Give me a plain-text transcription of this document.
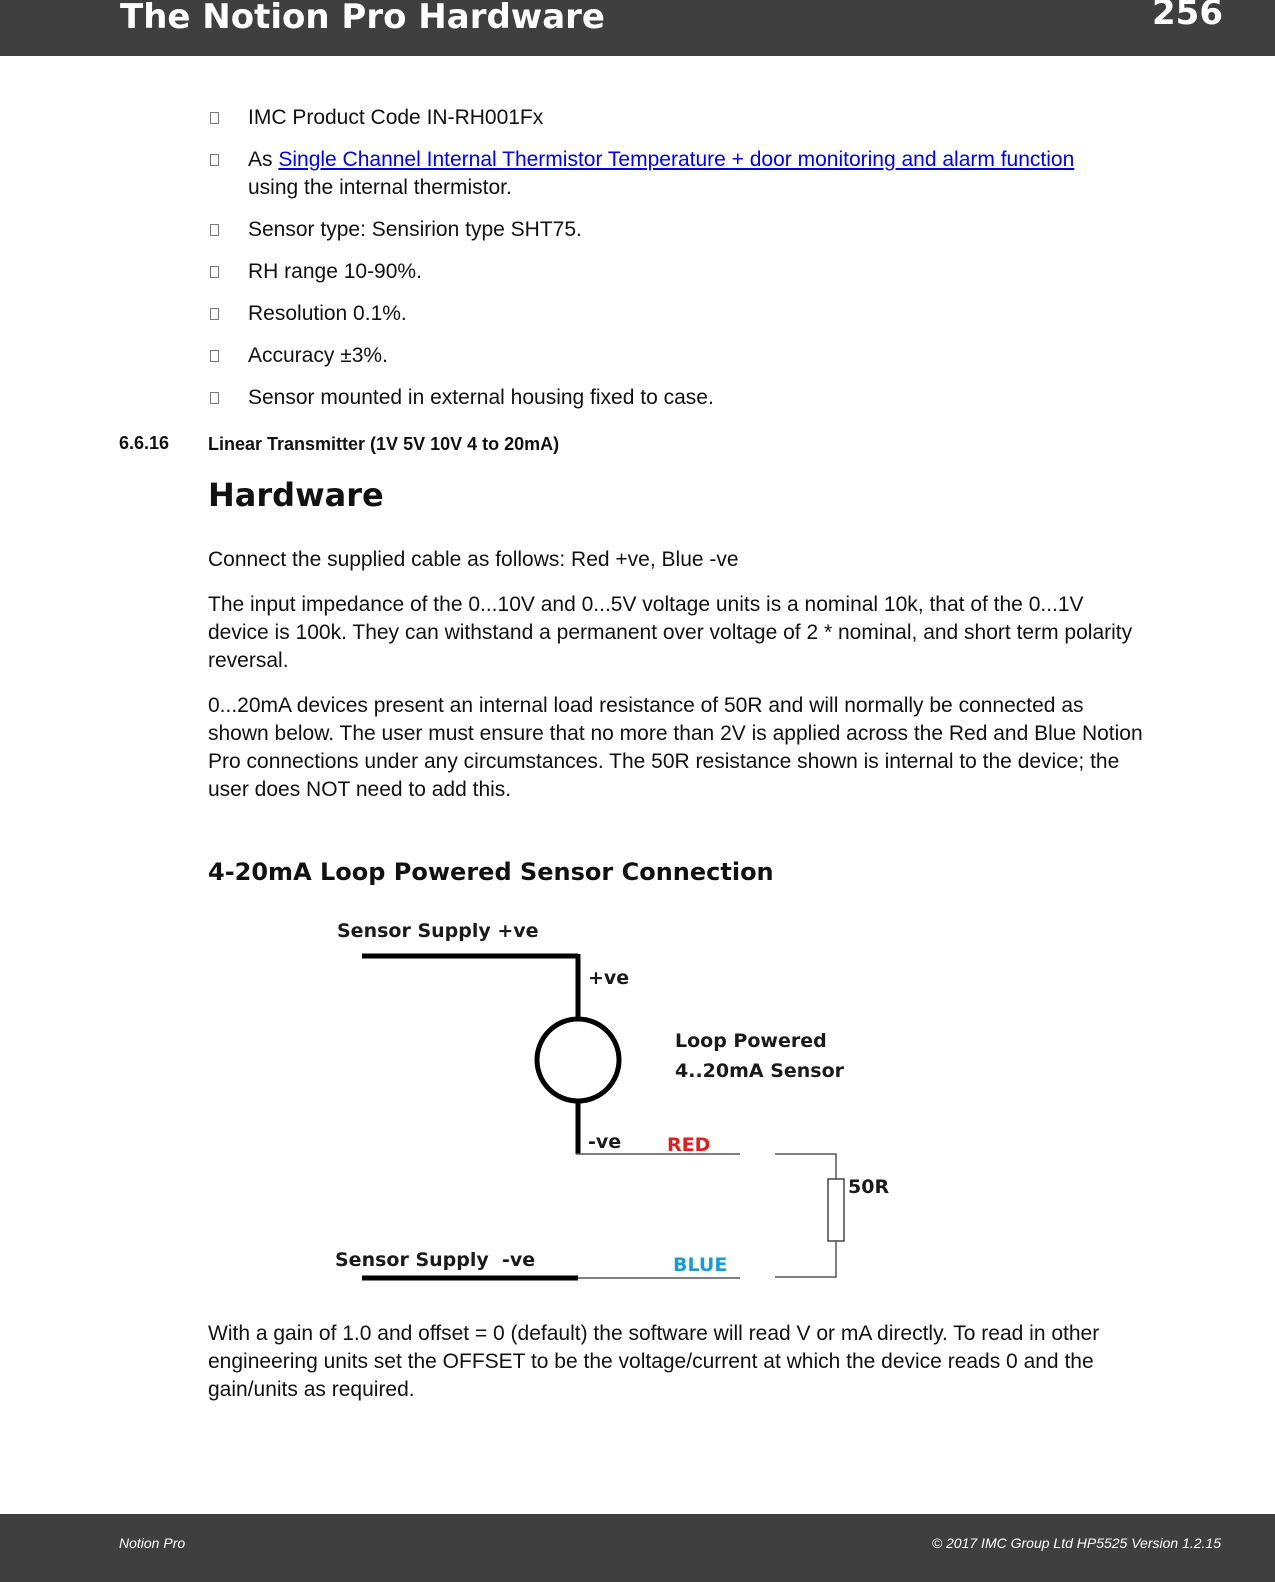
The Notion Pro Hardware	256
IMC Product Code IN-RH001Fx
As Single Channel Internal Thermistor Temperature + door monitoring and alarm function using the internal thermistor.
Sensor type: Sensirion type SHT75.
RH range 10-90%.
Resolution 0.1%.
Accuracy ±3%.
Sensor mounted in external housing fixed to case.
6.6.16 Linear Transmitter (1V 5V 10V 4 to 20mA)
Hardware
Connect the supplied cable as follows: Red +ve, Blue -ve
The input impedance of the 0...10V and 0...5V voltage units is a nominal 10k, that of the 0...1V device is 100k. They can withstand a permanent over voltage of 2 * nominal, and short term polarity reversal.
0...20mA devices present an internal load resistance of 50R and will normally be connected as shown below. The user must ensure that no more than 2V is applied across the Red and Blue Notion Pro connections under any circumstances. The 50R resistance shown is internal to the device; the user does NOT need to add this.
4-20mA Loop Powered Sensor Connection
Sensor Supply +ve
+ve
Loop Powered
4..20mA Sensor
-ve RED
50R
Sensor Supply  -ve	BLUE
With a gain of 1.0 and offset = 0 (default) the software will read V or mA directly. To read in other engineering units set the OFFSET to be the voltage/current at which the device reads 0 and the gain/units as required.
Notion Pro	© 2017 IMC Group Ltd HP5525 Version 1.2.15
